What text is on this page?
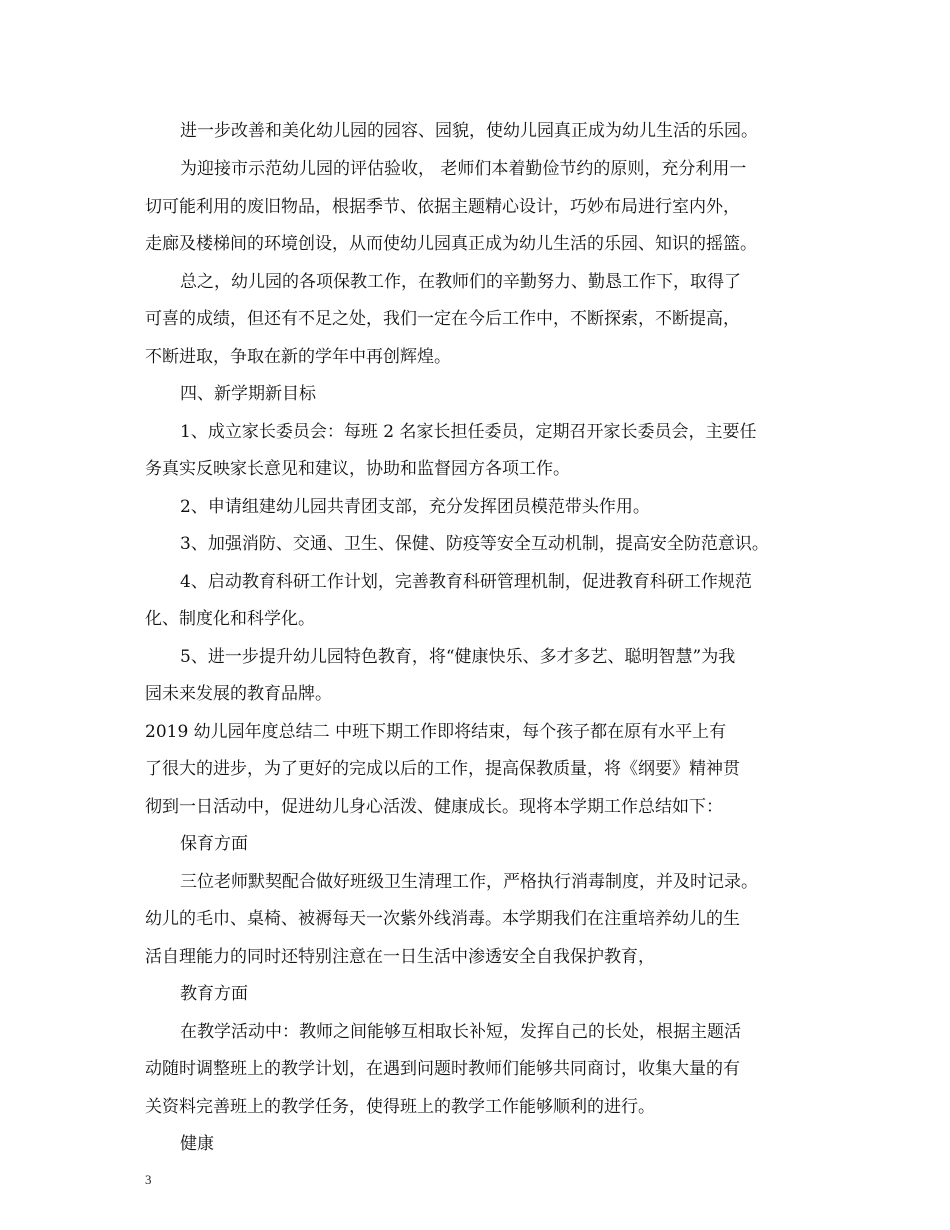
进一步改善和美化幼儿园的园容、园貌，使幼儿园真正成为幼儿生活的乐园。

为迎接市示范幼儿园的评估验收， 老师们本着勤俭节约的原则，充分利用一

切可能利用的废旧物品，根据季节、依据主题精心设计，巧妙布局进行室内外，

走廊及楼梯间的环境创设，从而使幼儿园真正成为幼儿生活的乐园、知识的摇篮。

总之，幼儿园的各项保教工作，在教师们的辛勤努力、勤恳工作下，取得了

可喜的成绩，但还有不足之处，我们一定在今后工作中，不断探索，不断提高，

不断进取，争取在新的学年中再创辉煌。

四、新学期新目标

1、成立家长委员会：每班 2 名家长担任委员，定期召开家长委员会，主要任

务真实反映家长意见和建议，协助和监督园方各项工作。

2、申请组建幼儿园共青团支部，充分发挥团员模范带头作用。

3、加强消防、交通、卫生、保健、防疫等安全互动机制，提高安全防范意识。

4、启动教育科研工作计划，完善教育科研管理机制，促进教育科研工作规范

化、制度化和科学化。

5、进一步提升幼儿园特色教育，将“健康快乐、多才多艺、聪明智慧”为我

园未来发展的教育品牌。

2019 幼儿园年度总结二 中班下期工作即将结束，每个孩子都在原有水平上有

了很大的进步，为了更好的完成以后的工作，提高保教质量，将《纲要》精神贯

彻到一日活动中，促进幼儿身心活泼、健康成长。现将本学期工作总结如下：

保育方面

三位老师默契配合做好班级卫生清理工作，严格执行消毒制度，并及时记录。

幼儿的毛巾、桌椅、被褥每天一次紫外线消毒。本学期我们在注重培养幼儿的生

活自理能力的同时还特别注意在一日生活中渗透安全自我保护教育，

教育方面

在教学活动中：教师之间能够互相取长补短，发挥自己的长处，根据主题活

动随时调整班上的教学计划，在遇到问题时教师们能够共同商讨，收集大量的有

关资料完善班上的教学任务，使得班上的教学工作能够顺利的进行。

健康

3
